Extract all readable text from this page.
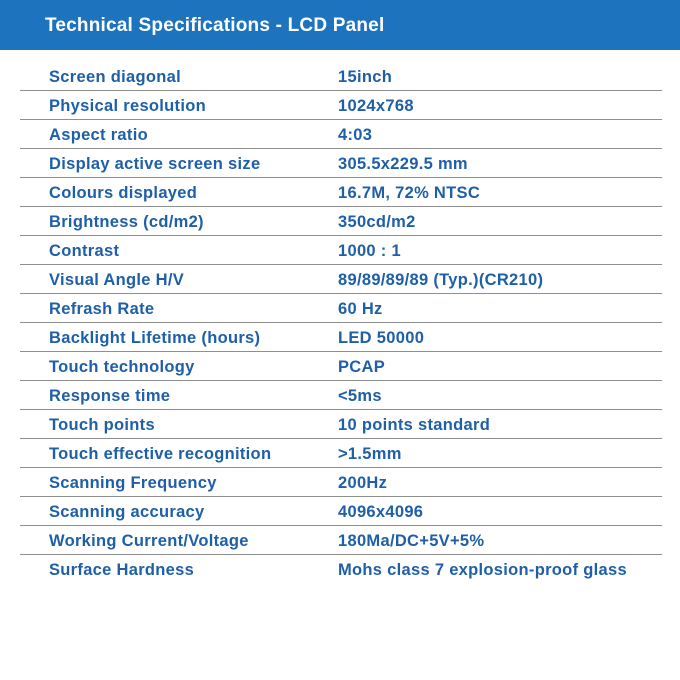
Technical Specifications - LCD Panel
Screen diagonal	15inch
Physical resolution	1024x768
Aspect ratio	4:03
Display active screen size	305.5x229.5 mm
Colours displayed	16.7M, 72% NTSC
Brightness (cd/m2)	350cd/m2
Contrast	1000 : 1
Visual Angle H/V	89/89/89/89 (Typ.)(CR210)
Refrash Rate	60 Hz
Backlight Lifetime (hours)	LED 50000
Touch technology	PCAP
Response time	<5ms
Touch points	10 points standard
Touch effective recognition	>1.5mm
Scanning Frequency	200Hz
Scanning accuracy	4096x4096
Working Current/Voltage	180Ma/DC+5V+5%
Surface Hardness	Mohs class 7 explosion-proof glass
